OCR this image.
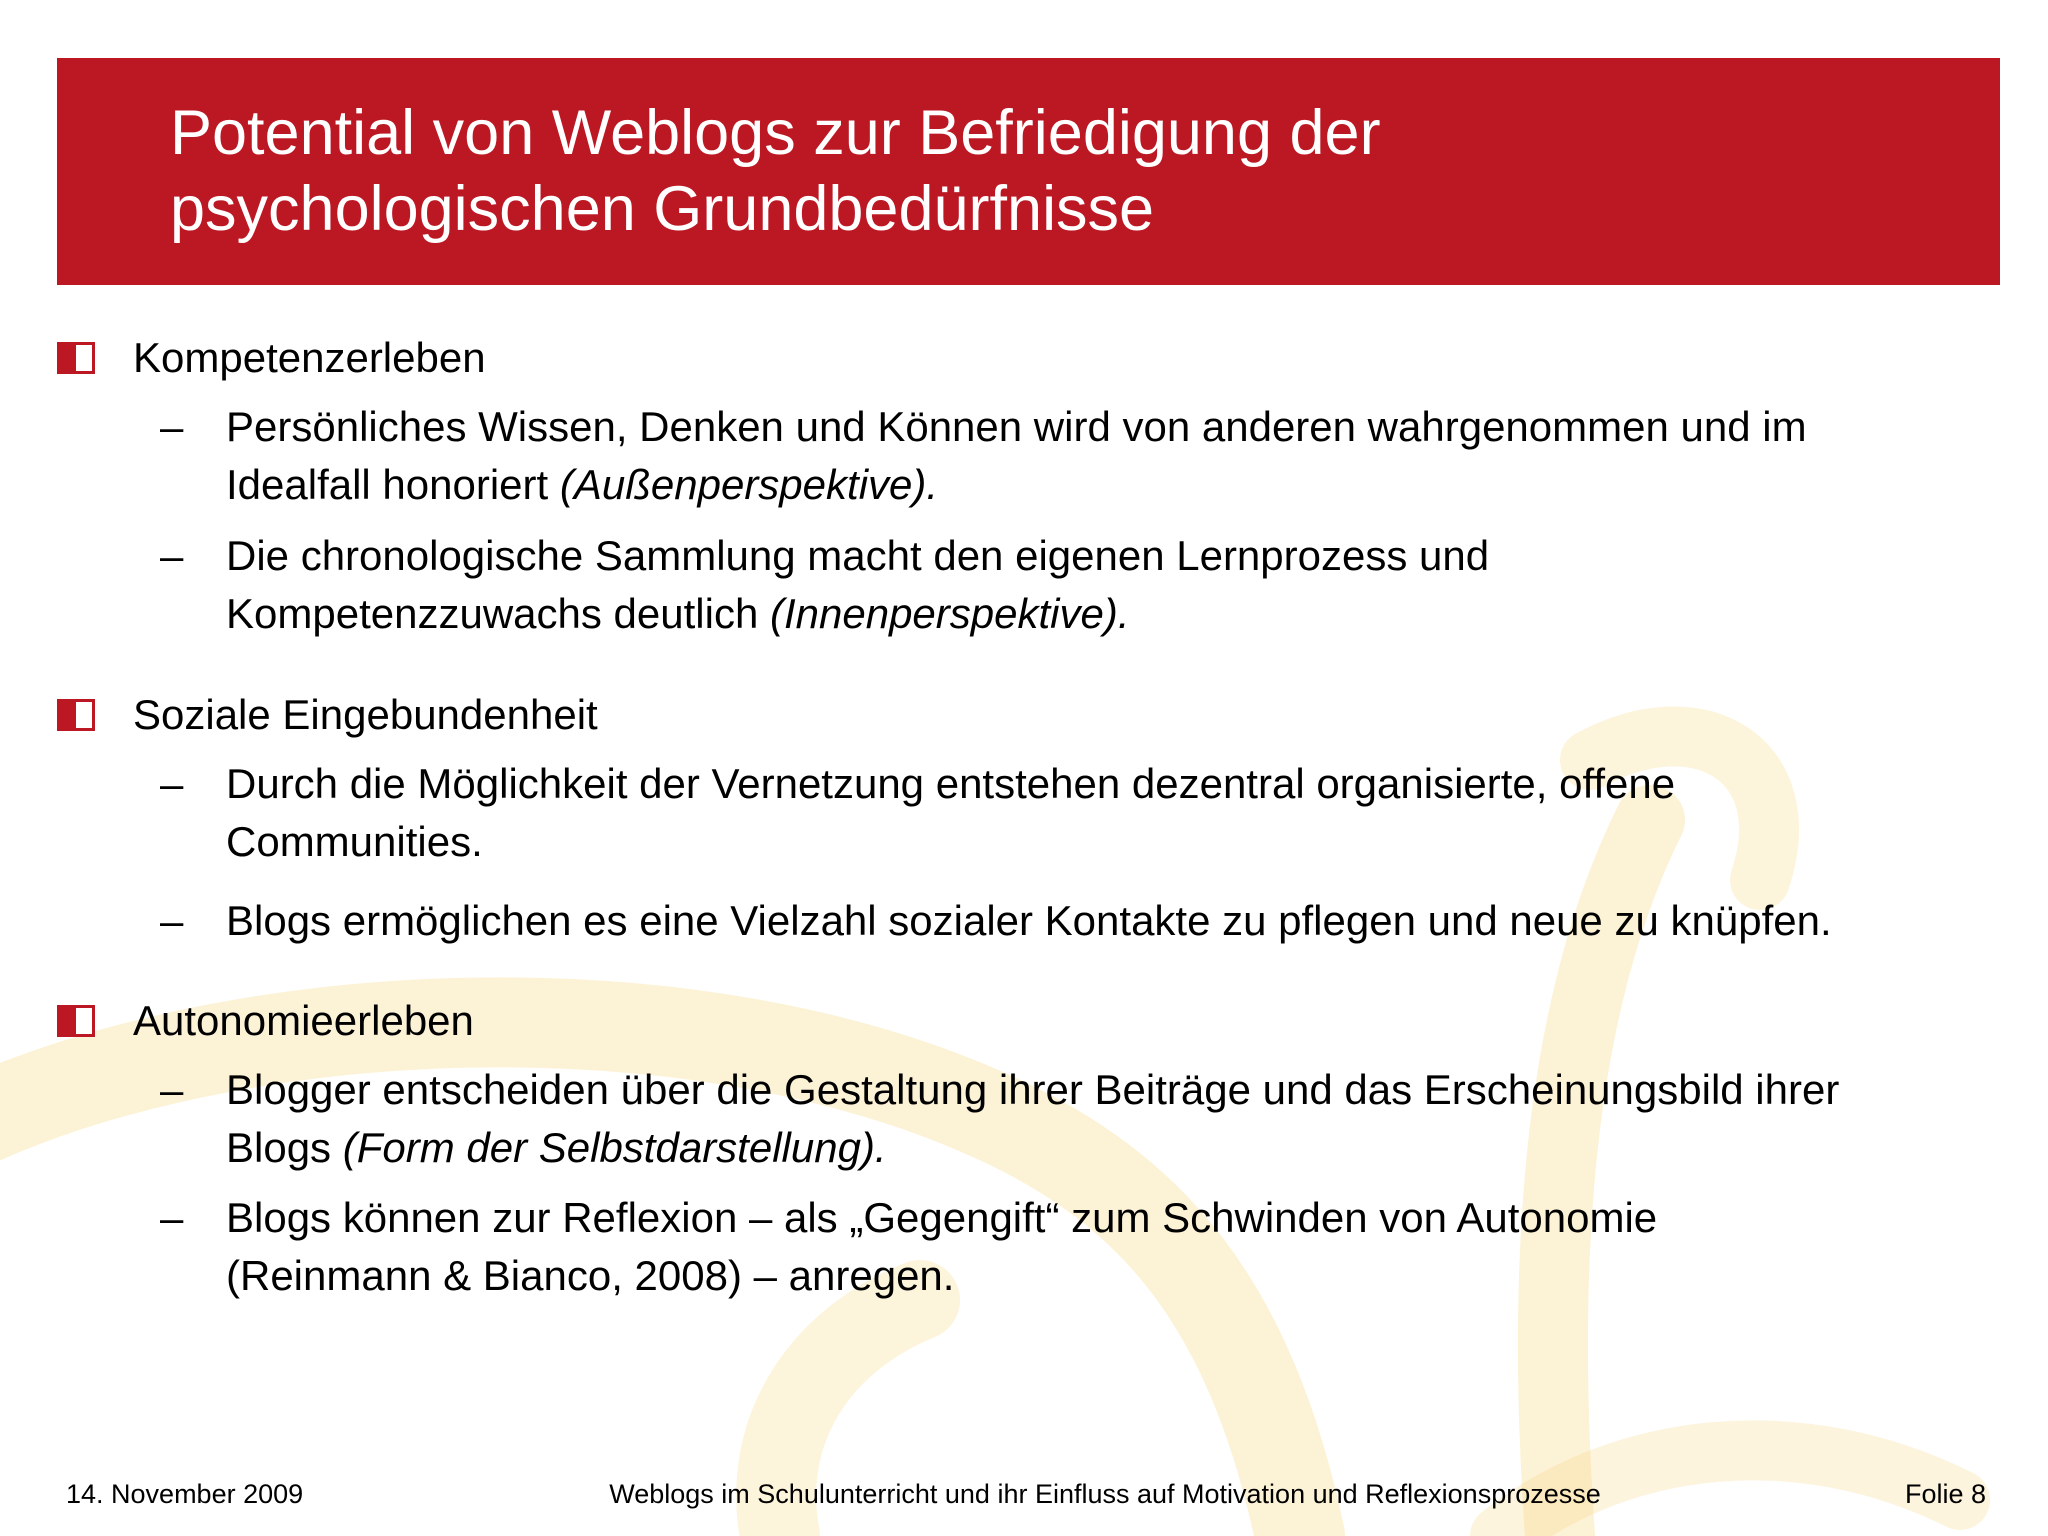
Potential von Weblogs zur Befriedigung der
psychologischen Grundbedürfnisse
Kompetenzerleben
–	Persönliches Wissen, Denken und Können wird von anderen wahrgenommen und im
Idealfall honoriert (Außenperspektive).
–	Die chronologische Sammlung macht den eigenen Lernprozess und
Kompetenzzuwachs deutlich (Innenperspektive).
Soziale Eingebundenheit
–	Durch die Möglichkeit der Vernetzung entstehen dezentral organisierte, offene
Communities.
–	Blogs ermöglichen es eine Vielzahl sozialer Kontakte zu pflegen und neue zu knüpfen.
Autonomieerleben
–	Blogger entscheiden über die Gestaltung ihrer Beiträge und das Erscheinungsbild ihrer
Blogs (Form der Selbstdarstellung).
–	Blogs können zur Reflexion – als „Gegengift“ zum Schwinden von Autonomie
(Reinmann & Bianco, 2008) – anregen.
14. November 2009	Weblogs im Schulunterricht und ihr Einfluss auf Motivation und Reflexionsprozesse	Folie 8
